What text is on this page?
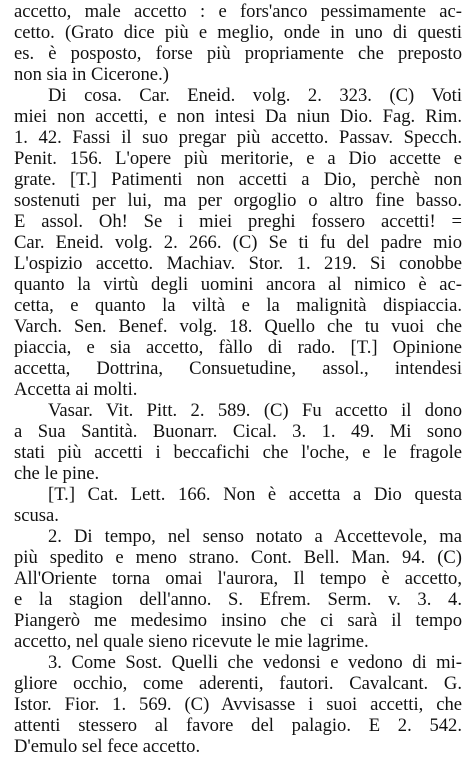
accetto, male accetto : e fors'anco pessimamente ac-
cetto. (Grato dice più e meglio, onde in uno di questi
es. è posposto, forse più propriamente che preposto
non sia in Cicerone.)
Di cosa. Car. Eneid. volg. 2. 323. (C) Voti
miei non accetti, e non intesi Da niun Dio. Fag. Rim.
1. 42. Fassi il suo pregar più accetto. Passav. Specch.
Penit. 156. L'opere più meritorie, e a Dio accette e
grate. [T.] Patimenti non accetti a Dio, perchè non
sostenuti per lui, ma per orgoglio o altro fine basso.
E assol. Oh! Se i miei preghi fossero accetti! =
Car. Eneid. volg. 2. 266. (C) Se ti fu del padre mio
L'ospizio accetto. Machiav. Stor. 1. 219. Si conobbe
quanto la virtù degli uomini ancora al nimico è ac-
cetta, e quanto la viltà e la malignità dispiaccia.
Varch. Sen. Benef. volg. 18. Quello che tu vuoi che
piaccia, e sia accetto, fàllo di rado. [T.] Opinione
accetta, Dottrina, Consuetudine, assol., intendesi
Accetta ai molti.
Vasar. Vit. Pitt. 2. 589. (C) Fu accetto il dono
a Sua Santità. Buonarr. Cical. 3. 1. 49. Mi sono
stati più accetti i beccafichi che l'oche, e le fragole
che le pine.
[T.] Cat. Lett. 166. Non è accetta a Dio questa
scusa.
2. Di tempo, nel senso notato a Accettevole, ma
più spedito e meno strano. Cont. Bell. Man. 94. (C)
All'Oriente torna omai l'aurora, Il tempo è accetto,
e la stagion dell'anno. S. Efrem. Serm. v. 3. 4.
Piangerò me medesimo insino che ci sarà il tempo
accetto, nel quale sieno ricevute le mie lagrime.
3. Come Sost. Quelli che vedonsi e vedono di mi-
gliore occhio, come aderenti, fautori. Cavalcant. G.
Istor. Fior. 1. 569. (C) Avvisasse i suoi accetti, che
attenti stessero al favore del palagio. E 2. 542.
D'emulo sel fece accetto.
